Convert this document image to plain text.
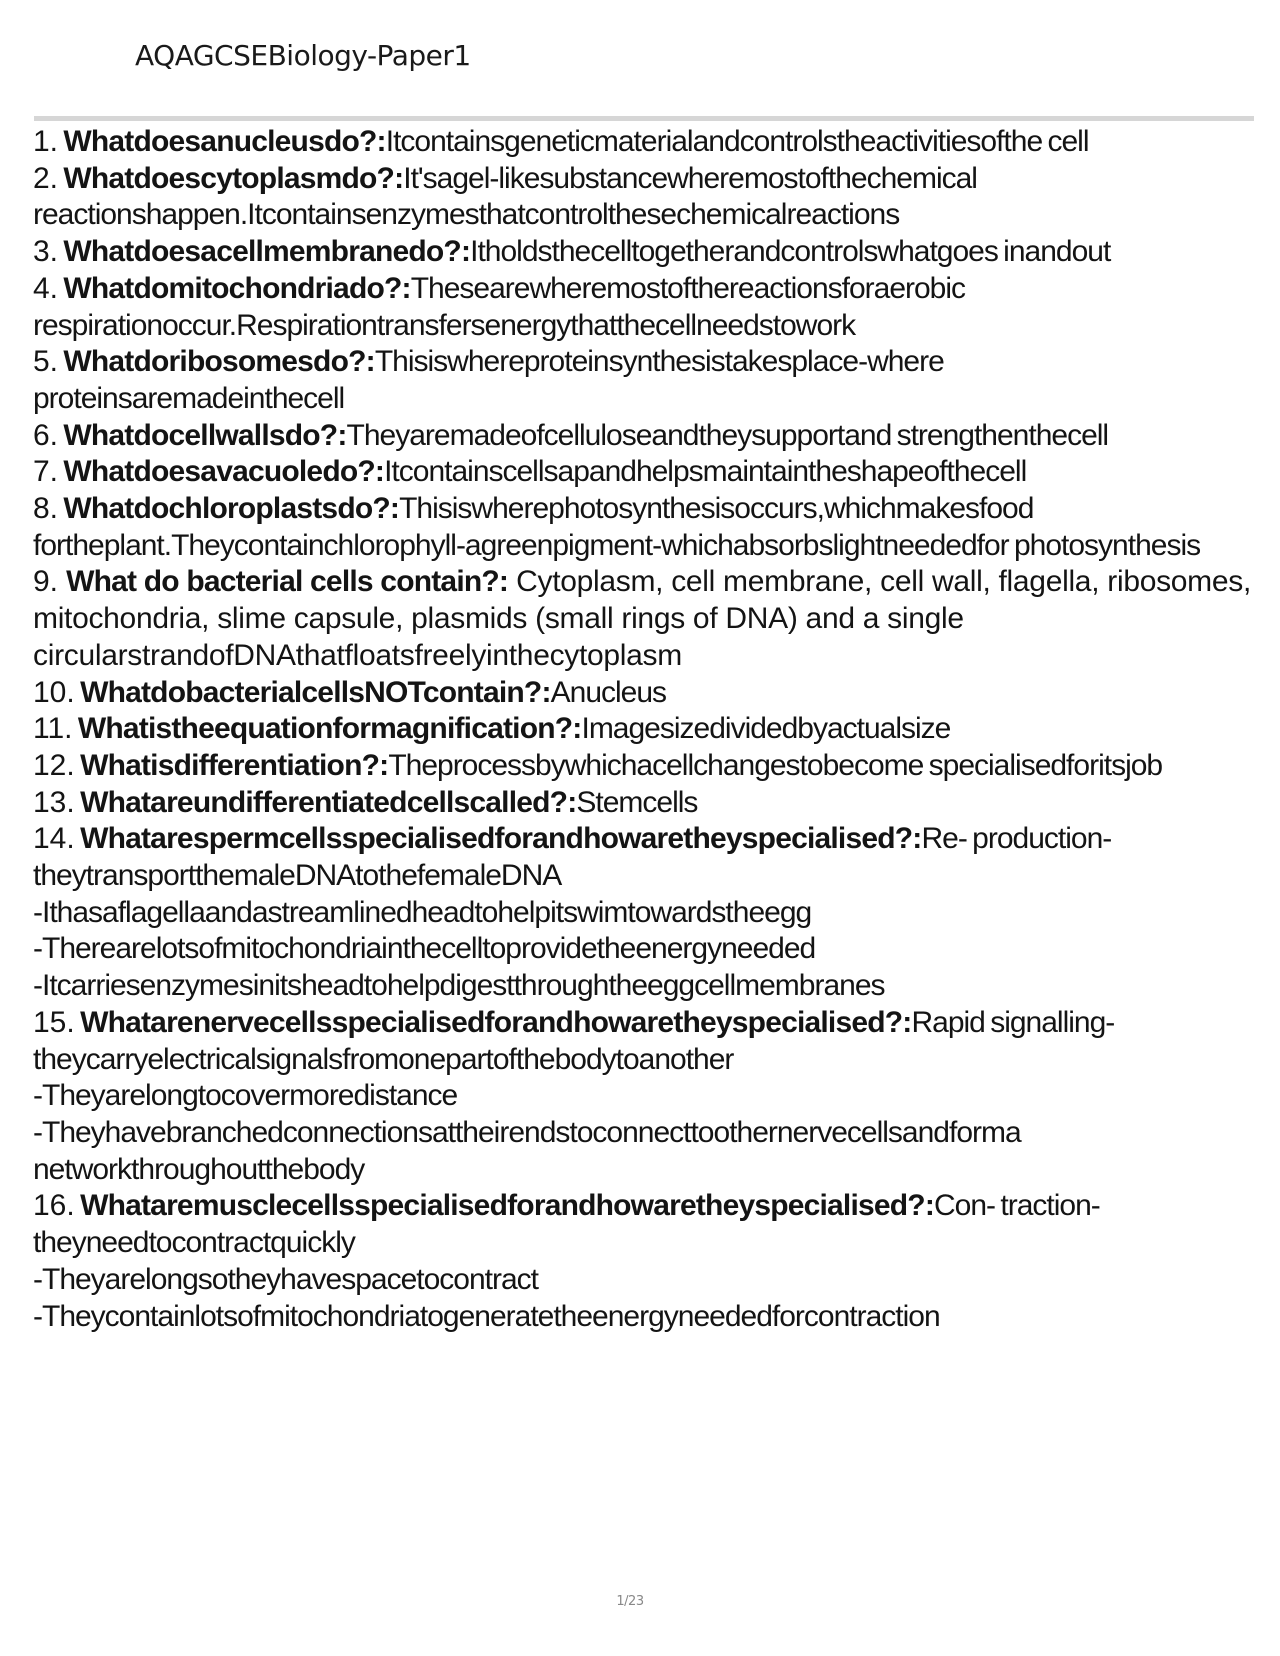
AQAGCSEBiology-Paper1

1. Whatdoesanucleusdo?:Itcontainsgeneticmaterialandcontrolstheactivitiesofthe cell

2. Whatdoescytoplasmdo?:It'sagel-likesubstancewheremostofthechemical reactionshappen.Itcontainsenzymesthatcontrolthesechemicalreactions

3. Whatdoesacellmembranedo?:Itholdsthecelltogetherandcontrolswhatgoes inandout

4. Whatdomitochondriado?:Thesearewheremostofthereactionsforaerobic respirationoccur.Respirationtransfersenergythatthecellneedstowork

5. Whatdoribosomesdo?:Thisiswhereproteinsynthesistakesplace-where proteinsaremadeinthecell

6. Whatdocellwallsdo?:Theyaremadeofcelluloseandtheysupportand strengthenthecell

7. Whatdoesavacuoledo?:Itcontainscellsapandhelpsmaintaintheshapeofthecell

8. Whatdochloroplastsdo?:Thisiswherephotosynthesisoccurs,whichmakesfood fortheplant.Theycontainchlorophyll-agreenpigment-whichabsorbslightneededfor photosynthesis

9. What do bacterial cells contain?: Cytoplasm, cell membrane, cell wall, flagella, ribosomes, mitochondria, slime capsule, plasmids (small rings of DNA) and a single circularstrandofDNAthatfloatsfreelyinthecytoplasm

10. WhatdobacterialcellsNOTcontain?:Anucleus

11. Whatistheequationformagnification?:Imagesizedividedbyactualsize

12. Whatisdifferentiation?:Theprocessbywhichacellchangestobecome specialisedforitsjob

13. Whatareundifferentiatedcellscalled?:Stemcells

14. Whatarespermcellsspecialisedforandhowaretheyspecialised?:Re- production-theytransportthemaleDNAtothefemaleDNA

-Ithasaflagellaandastreamlinedheadtohelpitswimtowardstheegg

-Therearelotsofmitochondriainthecelltoprovidetheenergyneeded

-Itcarriesenzymesinitsheadtohelpdigestthroughtheeggcellmembranes

15. Whatarenervecellsspecialisedforandhowaretheyspecialised?:Rapid signalling-theycarryelectricalsignalsfromonepartofthebodytoanother

-Theyarelongtocovermoredistance

-Theyhavebranchedconnectionsattheirendstoconnecttoothernervecellsandforma networkthroughoutthebody

16. Whataremusclecellsspecialisedforandhowaretheyspecialised?:Con- traction-theyneedtocontractquickly

-Theyarelongsotheyhavespacetocontract

-Theycontainlotsofmitochondriatogeneratetheenergyneededforcontraction

1/23
